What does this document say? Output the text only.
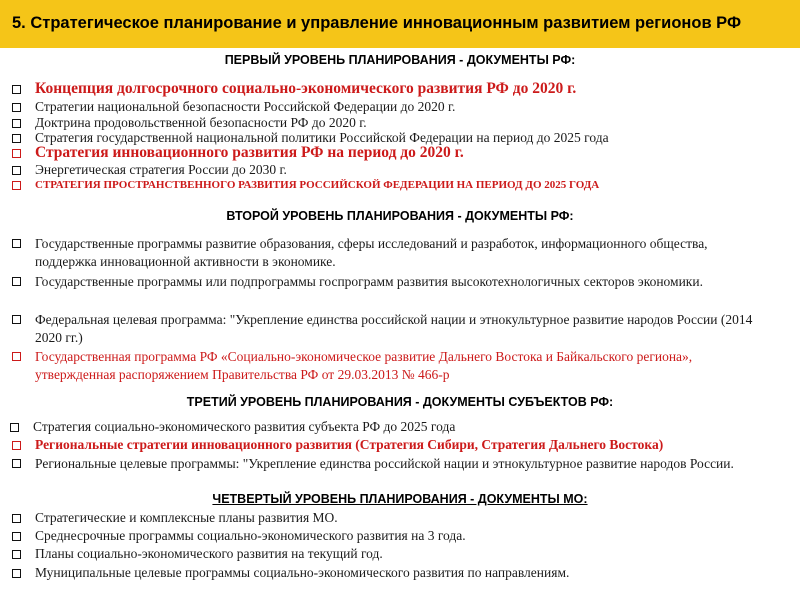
5. Стратегическое планирование и управление инновационным развитием регионов РФ
ПЕРВЫЙ УРОВЕНЬ ПЛАНИРОВАНИЯ - ДОКУМЕНТЫ РФ:
Концепция долгосрочного социально-экономического развития РФ до 2020 г.
Стратегии национальной безопасности Российской Федерации до 2020 г.
Доктрина продовольственной безопасности РФ до 2020 г.
Стратегия государственной национальной политики Российской Федерации на период до 2025 года
Стратегия инновационного развития РФ на период до 2020 г.
Энергетическая стратегия России до 2030 г.
СТРАТЕГИЯ ПРОСТРАНСТВЕННОГО РАЗВИТИЯ РОССИЙСКОЙ ФЕДЕРАЦИИ НА ПЕРИОД ДО 2025 ГОДА
ВТОРОЙ УРОВЕНЬ ПЛАНИРОВАНИЯ - ДОКУМЕНТЫ РФ:
Государственные программы развитие образования, сферы исследований и разработок, информационного общества, поддержка инновационной активности в экономике.
Государственные программы или подпрограммы госпрограмм развития высокотехнологичных секторов экономики.
Федеральная целевая программа: "Укрепление единства российской нации и этнокультурное развитие народов России (2014 2020 гг.)
Государственная программа РФ «Социально-экономическое развитие Дальнего Востока и Байкальского региона», утвержденная распоряжением Правительства РФ от 29.03.2013 № 466-р
ТРЕТИЙ УРОВЕНЬ ПЛАНИРОВАНИЯ - ДОКУМЕНТЫ СУБЪЕКТОВ РФ:
Стратегия социально-экономического развития субъекта РФ до 2025 года
Региональные стратегии инновационного развития (Стратегия Сибири, Стратегия Дальнего Востока)
Региональные целевые программы: "Укрепление единства российской нации и этнокультурное развитие народов России.
ЧЕТВЕРТЫЙ УРОВЕНЬ ПЛАНИРОВАНИЯ - ДОКУМЕНТЫ МО:
Стратегические и комплексные планы развития МО.
Среднесрочные программы социально-экономического развития на 3 года.
Планы социально-экономического развития на текущий год.
Муниципальные целевые программы социально-экономического развития по направлениям.
